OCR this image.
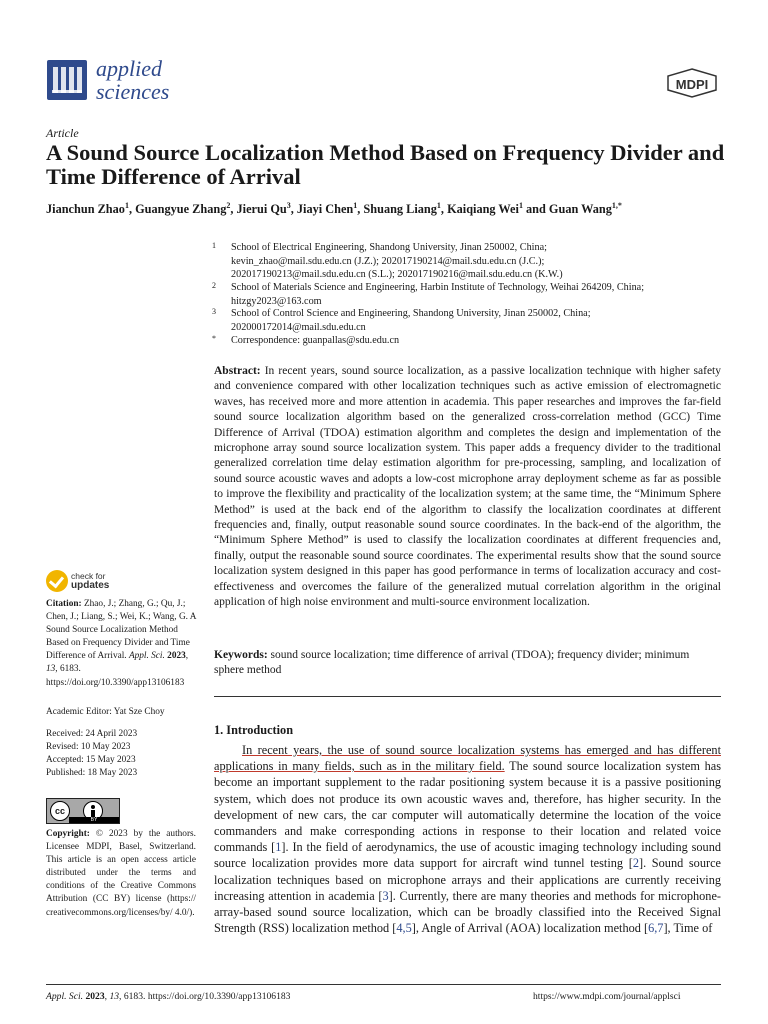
applied
sciences	MDPI
Article
A Sound Source Localization Method Based on Frequency Divider and Time Difference of Arrival
Jianchun Zhao$^1$, Guangyue Zhang$^2$, Jierui Qu$^3$, Jiayi Chen$^1$, Shuang Liang$^1$, Kaiqiang Wei$^1$ and Guan Wang$^{1,*}$
1 School of Electrical Engineering, Shandong University, Jinan 250002, China;
kevin_zhao@mail.sdu.edu.cn (J.Z.); 202017190214@mail.sdu.edu.cn (J.C.);
202017190213@mail.sdu.edu.cn (S.L.); 202017190216@mail.sdu.edu.cn (K.W.)
2 School of Materials Science and Engineering, Harbin Institute of Technology, Weihai 264209, China;
hitzgy2023@163.com
3 School of Control Science and Engineering, Shandong University, Jinan 250002, China;
202000172014@mail.sdu.edu.cn
* Correspondence: guanpallas@sdu.edu.cn
Abstract: In recent years, sound source localization, as a passive localization technique with higher safety and convenience compared with other localization techniques such as active emission of electromagnetic waves, has received more and more attention in academia. This paper researches and improves the far-field sound source localization algorithm based on the generalized cross-correlation method (GCC) Time Difference of Arrival (TDOA) estimation algorithm and completes the design and implementation of the microphone array sound source localization system. This paper adds a frequency divider to the traditional generalized correlation time delay estimation algorithm for pre-processing, sampling, and localization of sound source acoustic waves and adopts a low-cost microphone array deployment scheme as far as possible to improve the flexibility and practicality of the localization system; at the same time, the “Minimum Sphere Method” is used at the back end of the algorithm to classify the localization coordinates at different frequencies and, finally, output reasonable sound source coordinates. In the back-end of the algorithm, the “Minimum Sphere Method” is used to classify the localization coordinates at different frequencies and, finally, output the reasonable sound source coordinates. The experimental results show that the sound source localization system designed in this paper has good performance in terms of localization accuracy and cost-effectiveness and overcomes the failure of the generalized mutual correlation algorithm in the original application of high noise environment and multi-source environment localization.
Keywords: sound source localization; time difference of arrival (TDOA); frequency divider; minimum sphere method
check for
updates
Citation: Zhao, J.; Zhang, G.; Qu, J.; Chen, J.; Liang, S.; Wei, K.; Wang, G. A Sound Source Localization Method Based on Frequency Divider and Time Difference of Arrival. Appl. Sci. 2023, 13, 6183. https://doi.org/10.3390/app13106183
Academic Editor: Yat Sze Choy
Received: 24 April 2023
Revised: 10 May 2023
Accepted: 15 May 2023
Published: 18 May 2023
cc
BY
Copyright: © 2023 by the authors. Licensee MDPI, Basel, Switzerland. This article is an open access article distributed under the terms and conditions of the Creative Commons Attribution (CC BY) license (https:// creativecommons.org/licenses/by/ 4.0/).
1. Introduction
In recent years, the use of sound source localization systems has emerged and has different applications in many fields, such as in the military field. The sound source localization system has become an important supplement to the radar positioning system because it is a passive positioning system, which does not produce its own acoustic waves and, therefore, has higher security. In the development of new cars, the car computer will automatically determine the location of the voice commanders and make corresponding actions in response to their location and related voice commands [1]. In the field of aerodynamics, the use of acoustic imaging technology including sound source localization provides more data support for aircraft wind tunnel testing [2]. Sound source localization techniques based on microphone arrays and their applications are currently receiving increasing attention in academia [3]. Currently, there are many theories and methods for microphone-array-based sound source localization, which can be broadly classified into the Received Signal Strength (RSS) localization method [4,5], Angle of Arrival (AOA) localization method [6,7], Time of
Appl. Sci. 2023, 13, 6183. https://doi.org/10.3390/app13106183	https://www.mdpi.com/journal/applsci
